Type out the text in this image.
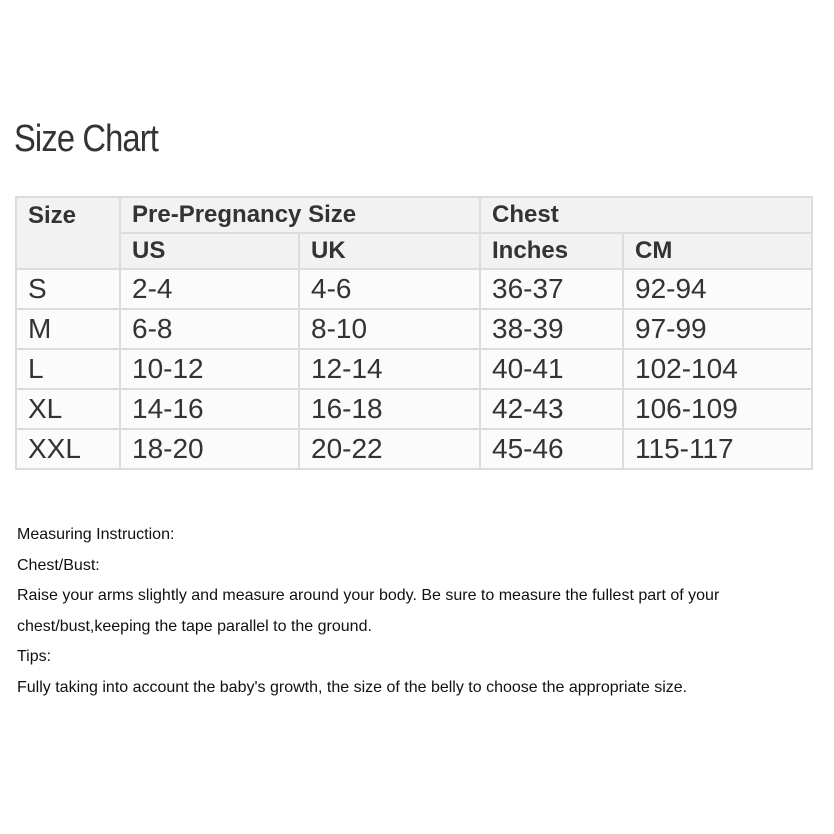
Size Chart
Size	Pre-Pregnancy Size		Chest	
	US	UK	Inches	CM
S	2-4	4-6	36-37	92-94
M	6-8	8-10	38-39	97-99
L	10-12	12-14	40-41	102-104
XL	14-16	16-18	42-43	106-109
XXL	18-20	20-22	45-46	115-117
Measuring Instruction:
Chest/Bust:
Raise your arms slightly and measure around your body. Be sure to measure the fullest part of your chest/bust,keeping the tape parallel to the ground.
Tips:
Fully taking into account the baby's growth, the size of the belly to choose the appropriate size.
